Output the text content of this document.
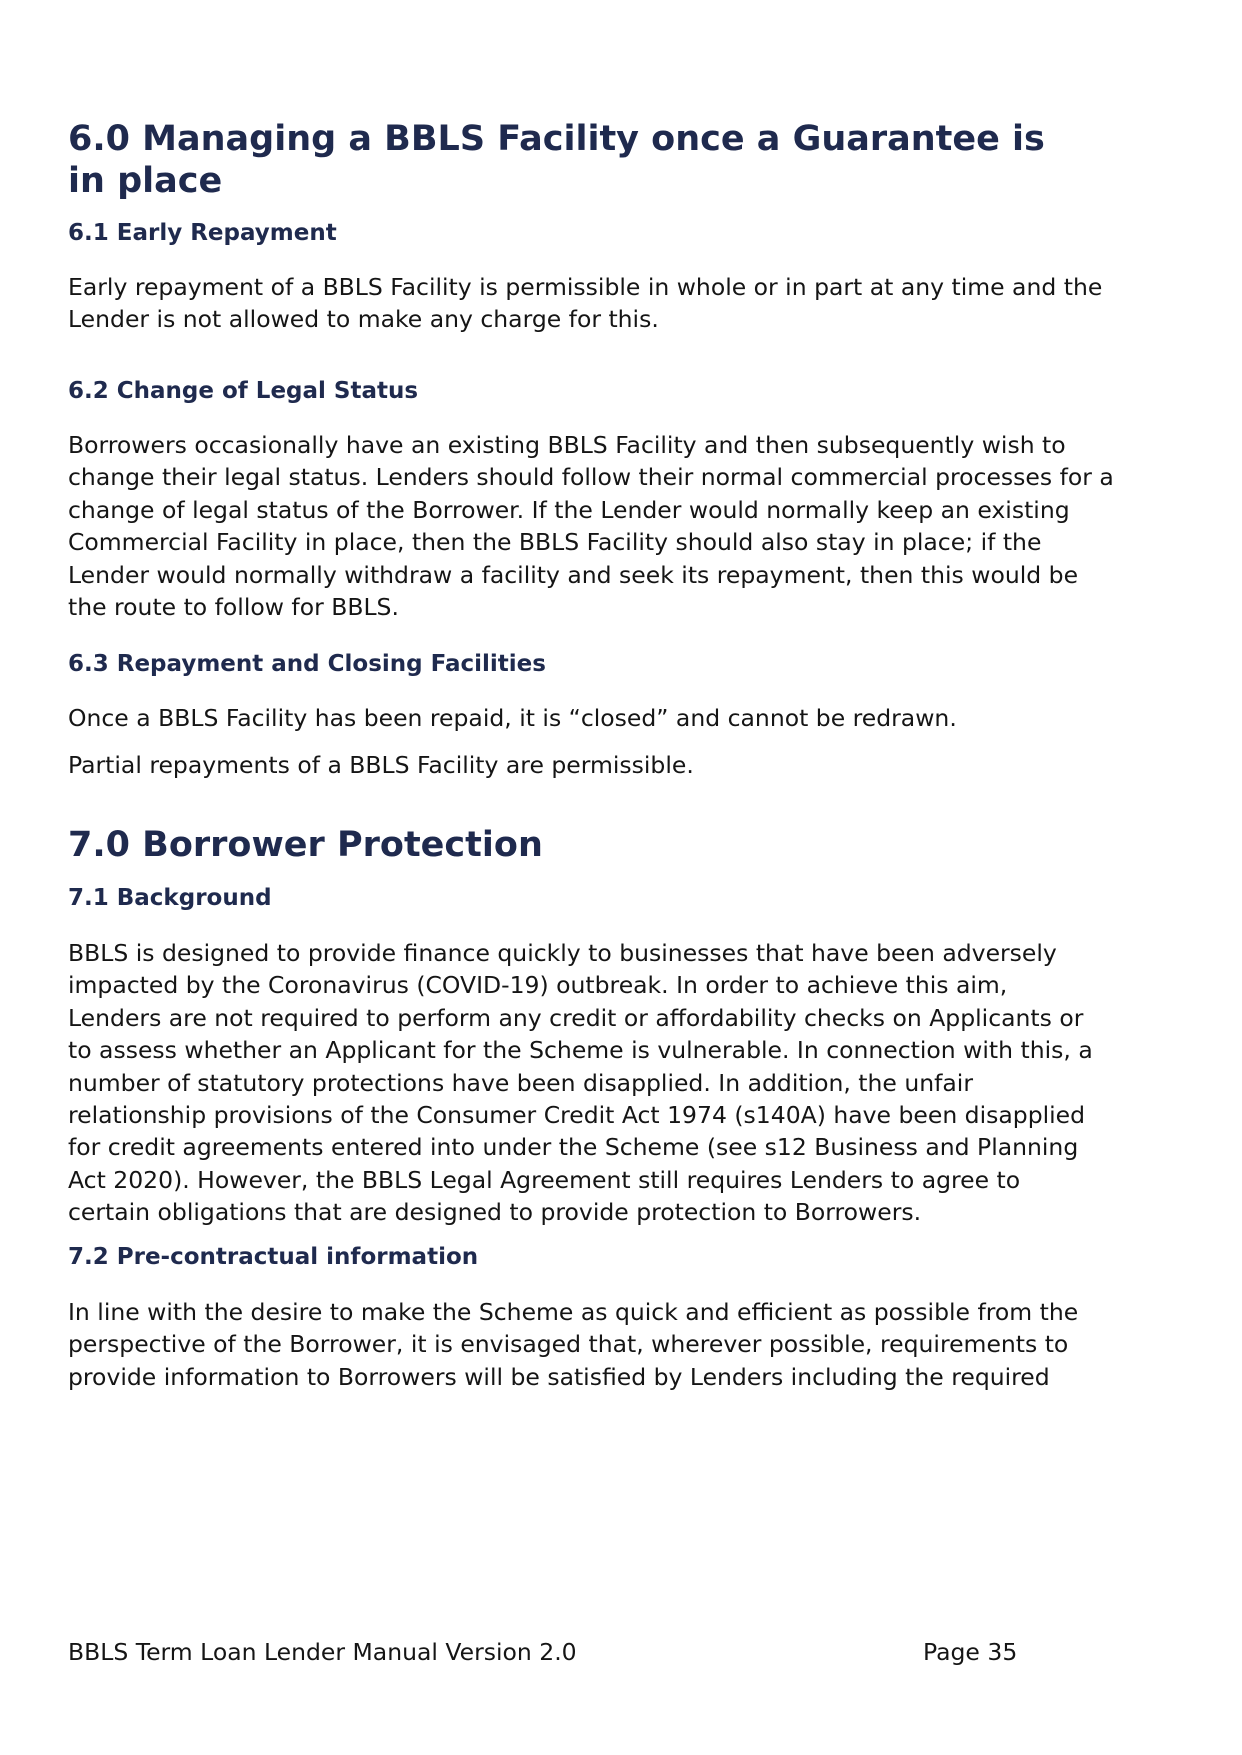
6.0 Managing a BBLS Facility once a Guarantee is
in place
6.1 Early Repayment
Early repayment of a BBLS Facility is permissible in whole or in part at any time and the
Lender is not allowed to make any charge for this.
6.2 Change of Legal Status
Borrowers occasionally have an existing BBLS Facility and then subsequently wish to
change their legal status. Lenders should follow their normal commercial processes for a
change of legal status of the Borrower. If the Lender would normally keep an existing
Commercial Facility in place, then the BBLS Facility should also stay in place; if the
Lender would normally withdraw a facility and seek its repayment, then this would be
the route to follow for BBLS.
6.3 Repayment and Closing Facilities
Once a BBLS Facility has been repaid, it is “closed” and cannot be redrawn.
Partial repayments of a BBLS Facility are permissible.
7.0 Borrower Protection
7.1 Background
BBLS is designed to provide finance quickly to businesses that have been adversely
impacted by the Coronavirus (COVID-19) outbreak. In order to achieve this aim,
Lenders are not required to perform any credit or affordability checks on Applicants or
to assess whether an Applicant for the Scheme is vulnerable. In connection with this, a
number of statutory protections have been disapplied. In addition, the unfair
relationship provisions of the Consumer Credit Act 1974 (s140A) have been disapplied
for credit agreements entered into under the Scheme (see s12 Business and Planning
Act 2020). However, the BBLS Legal Agreement still requires Lenders to agree to
certain obligations that are designed to provide protection to Borrowers.
7.2 Pre-contractual information
In line with the desire to make the Scheme as quick and efficient as possible from the
perspective of the Borrower, it is envisaged that, wherever possible, requirements to
provide information to Borrowers will be satisfied by Lenders including the required
BBLS Term Loan Lender Manual Version 2.0	Page 35
